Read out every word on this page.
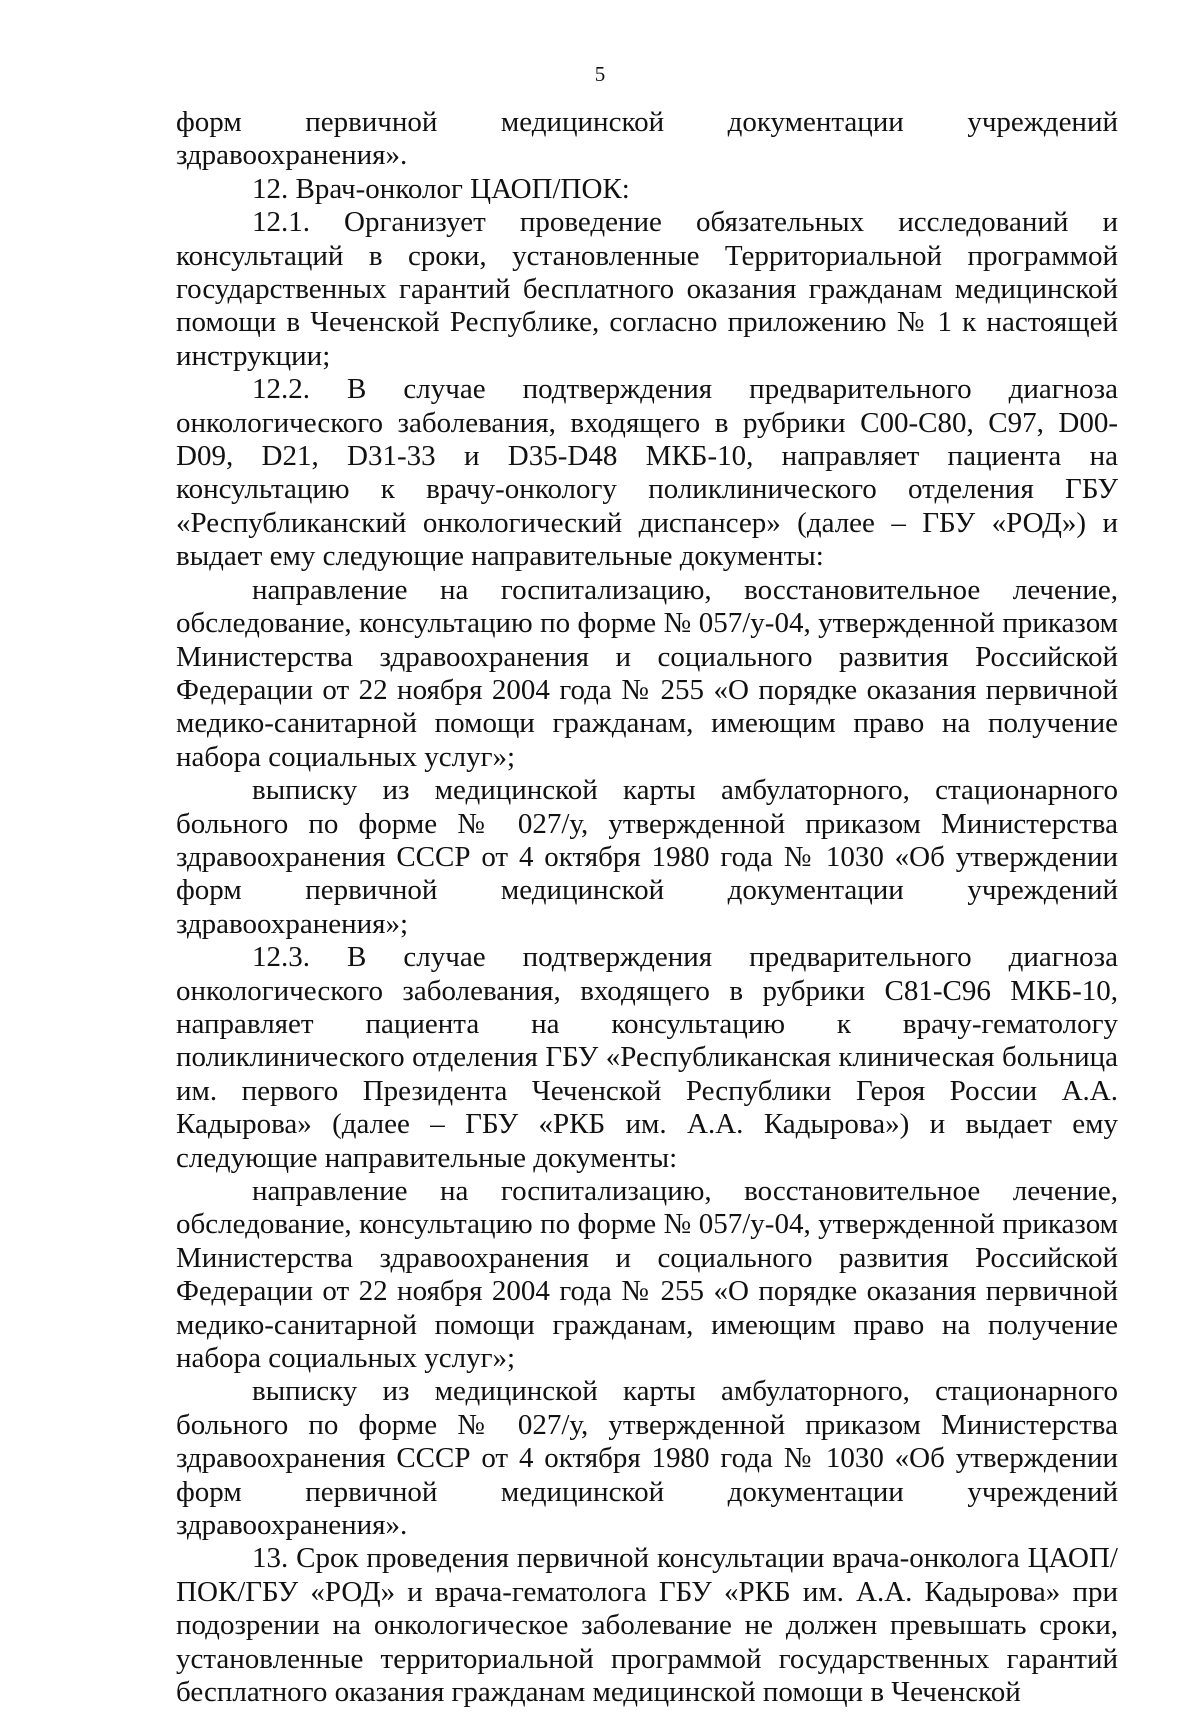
5

форм первичной медицинской документации учреждений здравоохранения».

12. Врач-онколог ЦАОП/ПОК:

12.1. Организует проведение обязательных исследований и консультаций в сроки, установленные Территориальной программой государственных гарантий бесплатного оказания гражданам медицинской помощи в Чеченской Республике, согласно приложению № 1 к настоящей инструкции;

12.2. В случае подтверждения предварительного диагноза онкологического заболевания, входящего в рубрики С00-С80, С97, D00-D09, D21, D31-33 и D35-D48 МКБ-10, направляет пациента на консультацию к врачу-онкологу поликлинического отделения ГБУ «Республиканский онкологический диспансер» (далее – ГБУ «РОД») и выдает ему следующие направительные документы:

направление на госпитализацию, восстановительное лечение, обследование, консультацию по форме № 057/у-04, утвержденной приказом Министерства здравоохранения и социального развития Российской Федерации от 22 ноября 2004 года № 255 «О порядке оказания первичной медико-санитарной помощи гражданам, имеющим право на получение набора социальных услуг»;

выписку из медицинской карты амбулаторного, стационарного больного по форме № 027/у, утвержденной приказом Министерства здравоохранения СССР от 4 октября 1980 года № 1030 «Об утверждении форм первичной медицинской документации учреждений здравоохранения»;

12.3. В случае подтверждения предварительного диагноза онкологического заболевания, входящего в рубрики С81-С96 МКБ-10, направляет пациента на консультацию к врачу-гематологу поликлинического отделения ГБУ «Республиканская клиническая больница им. первого Президента Чеченской Республики Героя России А.А. Кадырова» (далее – ГБУ «РКБ им. А.А. Кадырова») и выдает ему следующие направительные документы:

направление на госпитализацию, восстановительное лечение, обследование, консультацию по форме № 057/у-04, утвержденной приказом Министерства здравоохранения и социального развития Российской Федерации от 22 ноября 2004 года № 255 «О порядке оказания первичной медико-санитарной помощи гражданам, имеющим право на получение набора социальных услуг»;

выписку из медицинской карты амбулаторного, стационарного больного по форме № 027/у, утвержденной приказом Министерства здравоохранения СССР от 4 октября 1980 года № 1030 «Об утверждении форм первичной медицинской документации учреждений здравоохранения».

13. Срок проведения первичной консультации врача-онколога ЦАОП/ПОК/ГБУ «РОД» и врача-гематолога ГБУ «РКБ им. А.А. Кадырова» при подозрении на онкологическое заболевание не должен превышать сроки, установленные территориальной программой государственных гарантий бесплатного оказания гражданам медицинской помощи в Чеченской
